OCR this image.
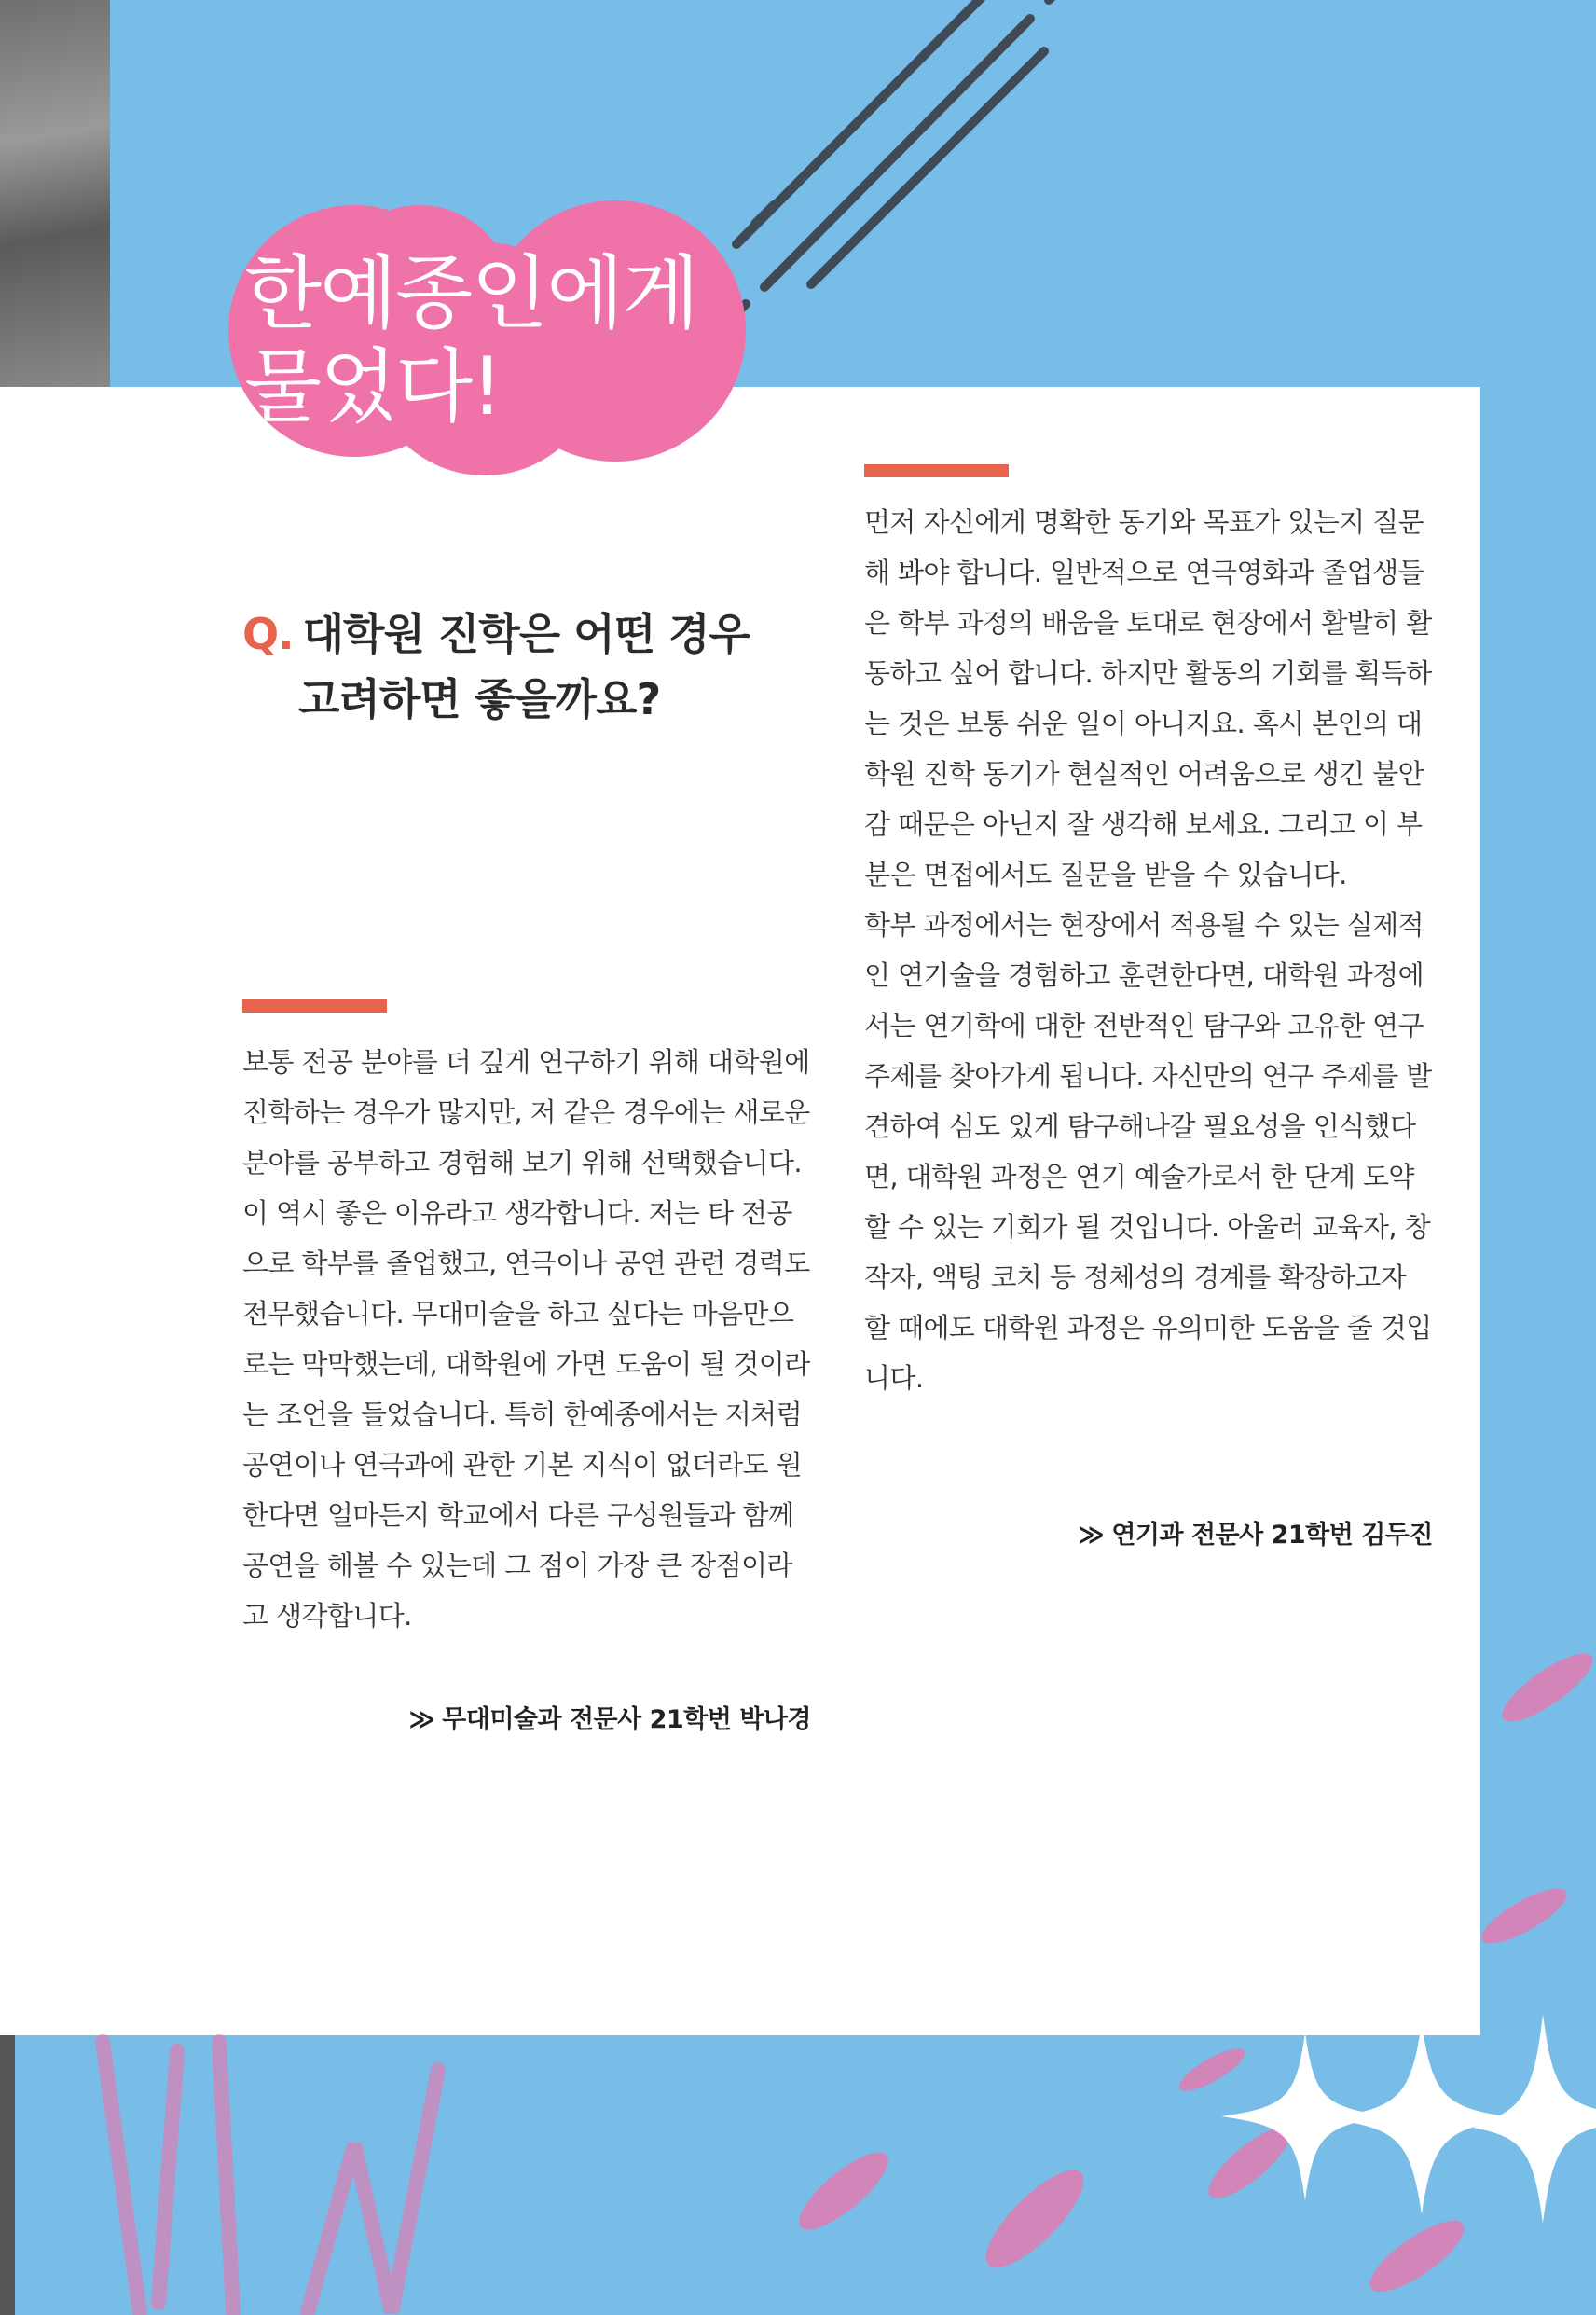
한예종인에게
물었다!
Q. 대학원 진학은 어떤 경우
고려하면 좋을까요?

보통 전공 분야를 더 깊게 연구하기 위해 대학원에 진학하는 경우가 많지만, 저 같은 경우에는 새로운 분야를 공부하고 경험해 보기 위해 선택했습니다. 이 역시 좋은 이유라고 생각합니다. 저는 타 전공으로 학부를 졸업했고, 연극이나 공연 관련 경력도 전무했습니다. 무대미술을 하고 싶다는 마음만으로는 막막했는데, 대학원에 가면 도움이 될 것이라는 조언을 들었습니다. 특히 한예종에서는 저처럼 공연이나 연극과에 관한 기본 지식이 없더라도 원한다면 얼마든지 학교에서 다른 구성원들과 함께 공연을 해볼 수 있는데 그 점이 가장 큰 장점이라고 생각합니다.

≫ 무대미술과 전문사 21학번 박나경

먼저 자신에게 명확한 동기와 목표가 있는지 질문해 봐야 합니다. 일반적으로 연극영화과 졸업생들은 학부 과정의 배움을 토대로 현장에서 활발히 활동하고 싶어 합니다. 하지만 활동의 기회를 획득하는 것은 보통 쉬운 일이 아니지요. 혹시 본인의 대학원 진학 동기가 현실적인 어려움으로 생긴 불안감 때문은 아닌지 잘 생각해 보세요. 그리고 이 부분은 면접에서도 질문을 받을 수 있습니다.

학부 과정에서는 현장에서 적용될 수 있는 실제적인 연기술을 경험하고 훈련한다면, 대학원 과정에서는 연기학에 대한 전반적인 탐구와 고유한 연구 주제를 찾아가게 됩니다. 자신만의 연구 주제를 발견하여 심도 있게 탐구해나갈 필요성을 인식했다면, 대학원 과정은 연기 예술가로서 한 단계 도약할 수 있는 기회가 될 것입니다. 아울러 교육자, 창작자, 액팅 코치 등 정체성의 경계를 확장하고자 할 때에도 대학원 과정은 유의미한 도움을 줄 것입니다.

≫ 연기과 전문사 21학번 김두진
